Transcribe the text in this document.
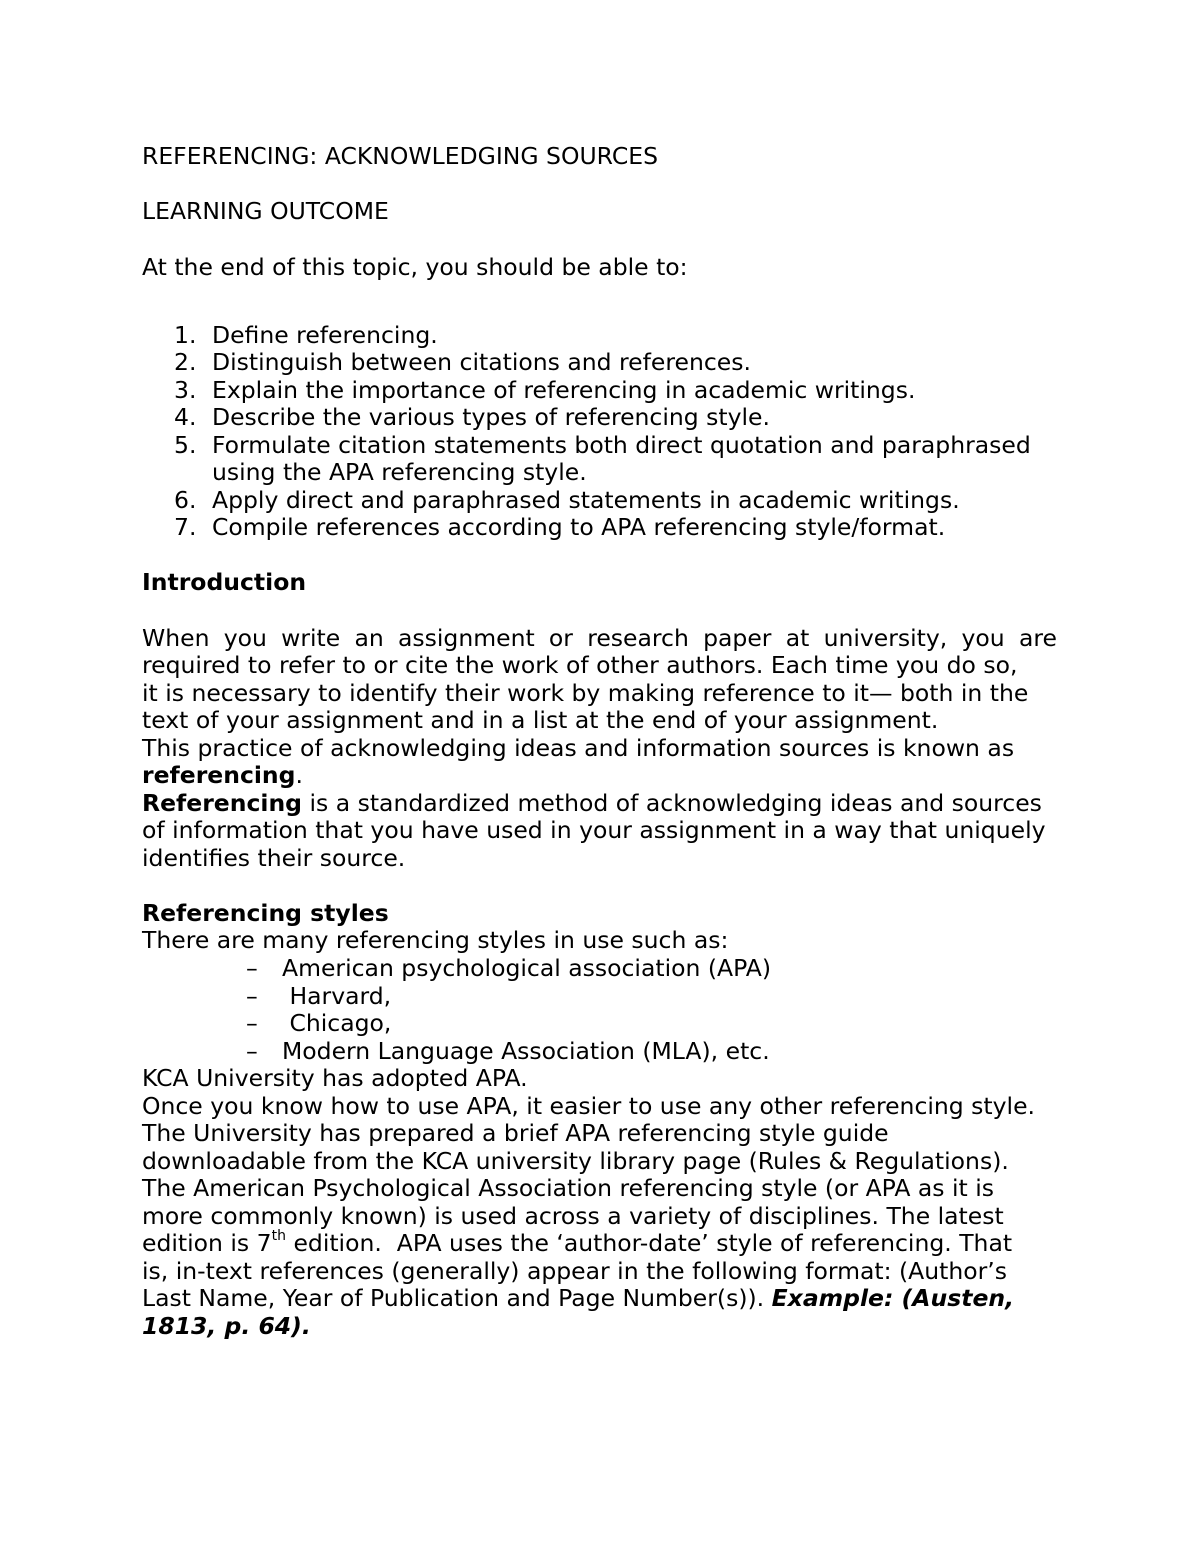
REFERENCING: ACKNOWLEDGING SOURCES
LEARNING OUTCOME
At the end of this topic, you should be able to:
1. Define referencing.
2. Distinguish between citations and references.
3. Explain the importance of referencing in academic writings.
4. Describe the various types of referencing style.
5. Formulate citation statements both direct quotation and paraphrased
using the APA referencing style.
6. Apply direct and paraphrased statements in academic writings.
7. Compile references according to APA referencing style/format.
Introduction
When you write an assignment or research paper at university, you are
required to refer to or cite the work of other authors. Each time you do so,
it is necessary to identify their work by making reference to it— both in the
text of your assignment and in a list at the end of your assignment.
This practice of acknowledging ideas and information sources is known as
referencing.
Referencing is a standardized method of acknowledging ideas and sources
of information that you have used in your assignment in a way that uniquely
identifies their source.
Referencing styles
There are many referencing styles in use such as:
– American psychological association (APA)
– Harvard,
– Chicago,
– Modern Language Association (MLA), etc.
KCA University has adopted APA.
Once you know how to use APA, it easier to use any other referencing style.
The University has prepared a brief APA referencing style guide
downloadable from the KCA university library page (Rules & Regulations).
The American Psychological Association referencing style (or APA as it is
more commonly known) is used across a variety of disciplines. The latest
edition is 7th edition.  APA uses the ‘author-date’ style of referencing. That
is, in-text references (generally) appear in the following format: (Author’s
Last Name, Year of Publication and Page Number(s)). Example: (Austen,
1813, p. 64).
